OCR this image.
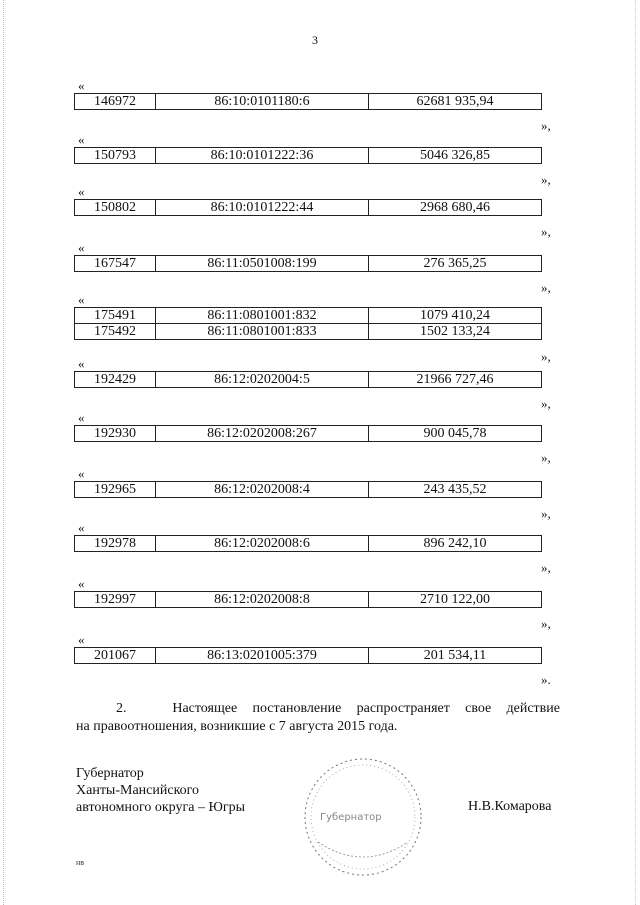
3
«
146972	86:10:0101180:6	62681 935,94
»,
«
150793	86:10:0101222:36	5046 326,85
»,
«
150802	86:10:0101222:44	2968 680,46
»,
«
167547	86:11:0501008:199	276 365,25
»,
«
175491	86:11:0801001:832	1079 410,24
175492	86:11:0801001:833	1502 133,24
»,
«
192429	86:12:0202004:5	21966 727,46
»,
«
192930	86:12:0202008:267	900 045,78
»,
«
192965	86:12:0202008:4	243 435,52
»,
«
192978	86:12:0202008:6	896 242,10
»,
«
192997	86:12:0202008:8	2710 122,00
»,
«
201067	86:13:0201005:379	201 534,11
».
2.	Настоящее постановление распространяет свое действие
на правоотношения, возникшие с 7 августа 2015 года.
Губернатор
Ханты-Мансийского
автономного округа – Югры
Губернатор
Н.В.Комарова
нв
